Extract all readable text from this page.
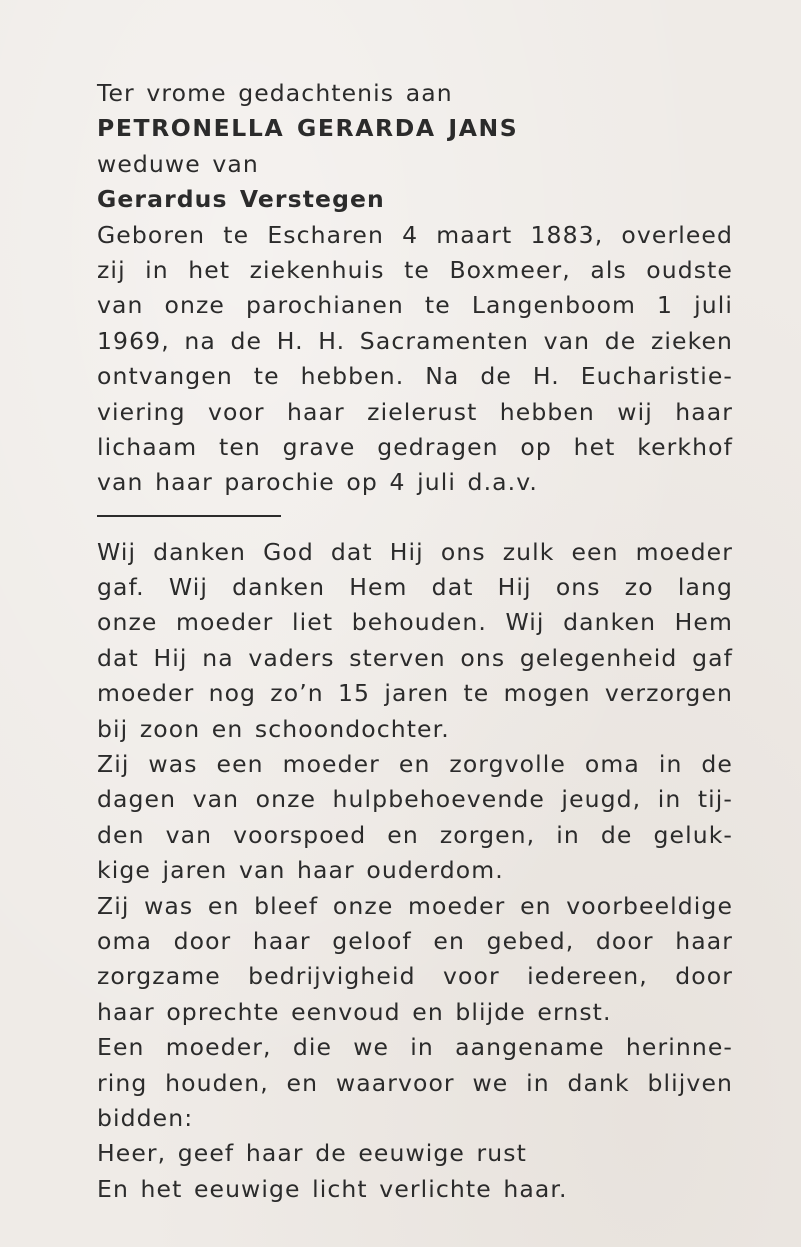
Ter vrome gedachtenis aan
PETRONELLA GERARDA JANS
weduwe van
Gerardus Verstegen
Geboren te Escharen 4 maart 1883, overleed
zij in het ziekenhuis te Boxmeer, als oudste
van onze parochianen te Langenboom 1 juli
1969, na de H. H. Sacramenten van de zieken
ontvangen te hebben. Na de H. Eucharistie-
viering voor haar zielerust hebben wij haar
lichaam ten grave gedragen op het kerkhof
van haar parochie op 4 juli d.a.v.
Wij danken God dat Hij ons zulk een moeder
gaf. Wij danken Hem dat Hij ons zo lang
onze moeder liet behouden. Wij danken Hem
dat Hij na vaders sterven ons gelegenheid gaf
moeder nog zo’n 15 jaren te mogen verzorgen
bij zoon en schoondochter.
Zij was een moeder en zorgvolle oma in de
dagen van onze hulpbehoevende jeugd, in tij-
den van voorspoed en zorgen, in de geluk-
kige jaren van haar ouderdom.
Zij was en bleef onze moeder en voorbeeldige
oma door haar geloof en gebed, door haar
zorgzame bedrijvigheid voor iedereen, door
haar oprechte eenvoud en blijde ernst.
Een moeder, die we in aangename herinne-
ring houden, en waarvoor we in dank blijven
bidden:
Heer, geef haar de eeuwige rust
En het eeuwige licht verlichte haar.
